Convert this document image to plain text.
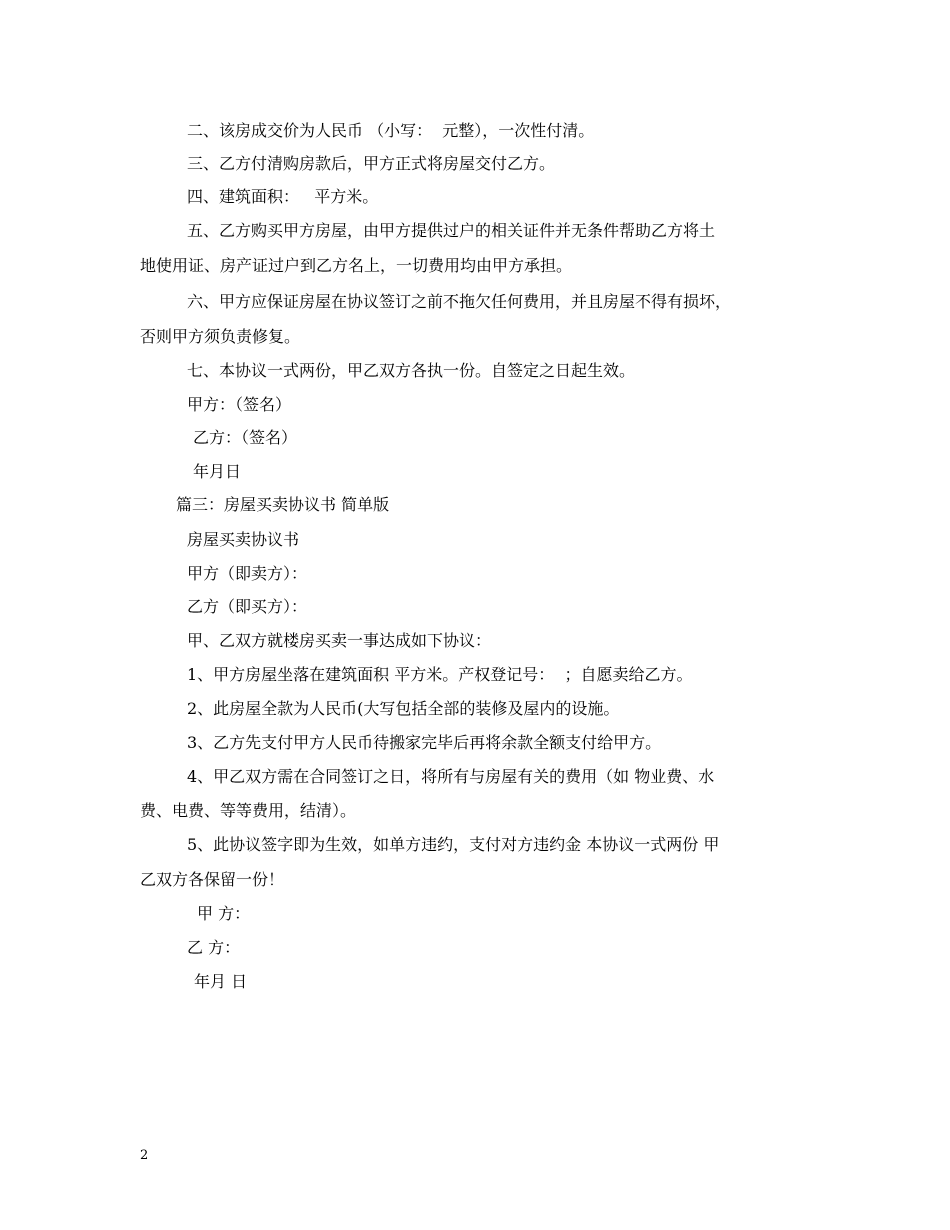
二、该房成交价为人民币 （小写：  元整），一次性付清。
三、乙方付清购房款后，甲方正式将房屋交付乙方。
四、建筑面积：   平方米。
五、乙方购买甲方房屋，由甲方提供过户的相关证件并无条件帮助乙方将土
地使用证、房产证过户到乙方名上，一切费用均由甲方承担。
六、甲方应保证房屋在协议签订之前不拖欠任何费用，并且房屋不得有损坏，
否则甲方须负责修复。
七、本协议一式两份，甲乙双方各执一份。自签定之日起生效。
甲方：（签名）
乙方：（签名）
年月日
篇三：房屋买卖协议书 简单版
房屋买卖协议书
甲方（即卖方）：
乙方（即买方）：
甲、乙双方就楼房买卖一事达成如下协议：
1、甲方房屋坐落在建筑面积 平方米。产权登记号：  ；自愿卖给乙方。
2、此房屋全款为人民币(大写包括全部的装修及屋内的设施。
3、乙方先支付甲方人民币待搬家完毕后再将余款全额支付给甲方。
4、甲乙双方需在合同签订之日，将所有与房屋有关的费用（如 物业费、水
费、电费、等等费用，结清）。
5、此协议签字即为生效，如单方违约，支付对方违约金 本协议一式两份 甲
乙双方各保留一份！
甲 方：
乙 方：
年月 日
2
